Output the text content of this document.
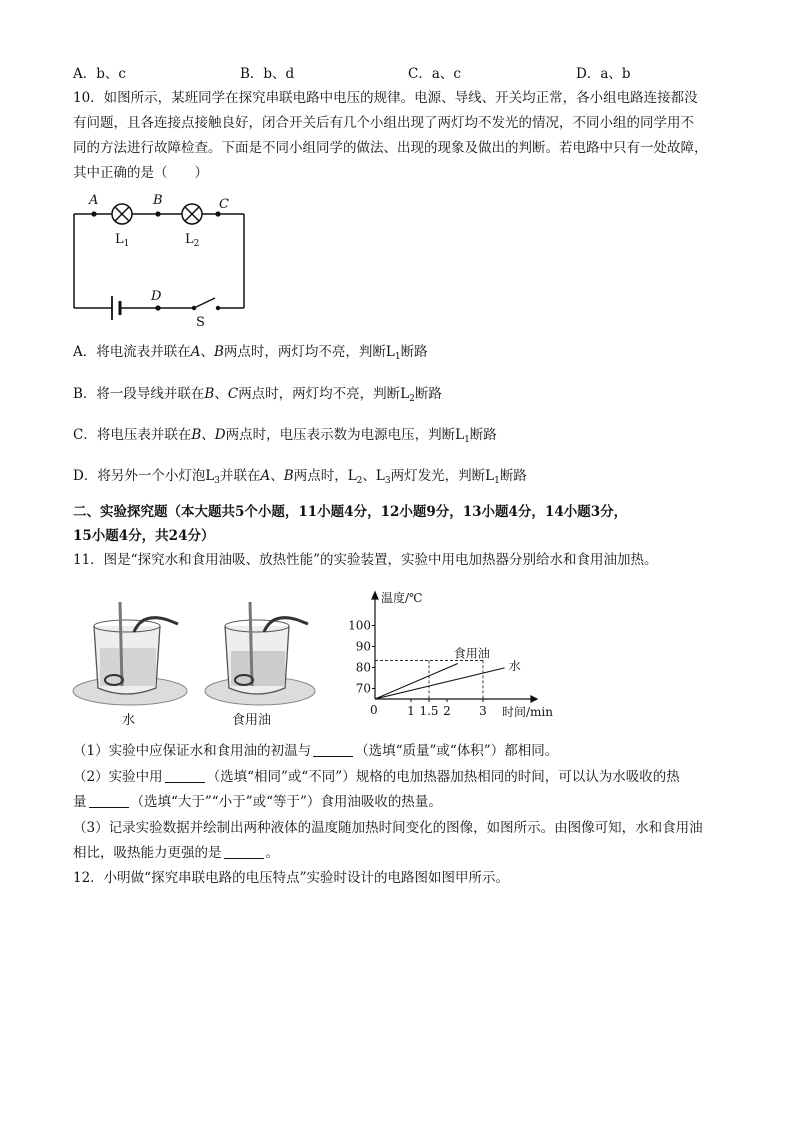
A．b、c	B．b、d	C．a、c	D．a、b
10．如图所示，某班同学在探究串联电路中电压的规律。电源、导线、开关均正常，各小组电路连接都没
有问题，且各连接点接触良好，闭合开关后有几个小组出现了两灯均不发光的情况，不同小组的同学用不
同的方法进行故障检查。下面是不同小组同学的做法、出现的现象及做出的判断。若电路中只有一处故障，
其中正确的是（　　）
A	B	C
D
$L_1$	$L_2$
S
A．将电流表并联在A、B两点时，两灯均不亮，判断$L_1$断路
B．将一段导线并联在B、C两点时，两灯均不亮，判断$L_2$断路
C．将电压表并联在B、D两点时，电压表示数为电源电压，判断$L_1$断路
D．将另外一个小灯泡$L_3$并联在A、B两点时，$L_2$、$L_3$两灯发光，判断$L_1$断路
二、实验探究题（本大题共5个小题，11小题4分，12小题9分，13小题4分，14小题3分，
15小题4分，共24分）
11．图是“探究水和食用油吸、放热性能”的实验装置，实验中用电加热器分别给水和食用油加热。
水	食用油
70
80
90
100
1 1.5 2 3
食用油
水
温度/℃
时间/min
0
（1）实验中应保证水和食用油的初温与	（选填“质量”或“体积”）都相同。
（2）实验中用	（选填“相同”或“不同”）规格的电加热器加热相同的时间，可以认为水吸收的热
量	（选填“大于”“小于”或“等于”）食用油吸收的热量。
（3）记录实验数据并绘制出两种液体的温度随加热时间变化的图像，如图所示。由图像可知，水和食用油
相比，吸热能力更强的是	。
12．小明做“探究串联电路的电压特点”实验时设计的电路图如图甲所示。
